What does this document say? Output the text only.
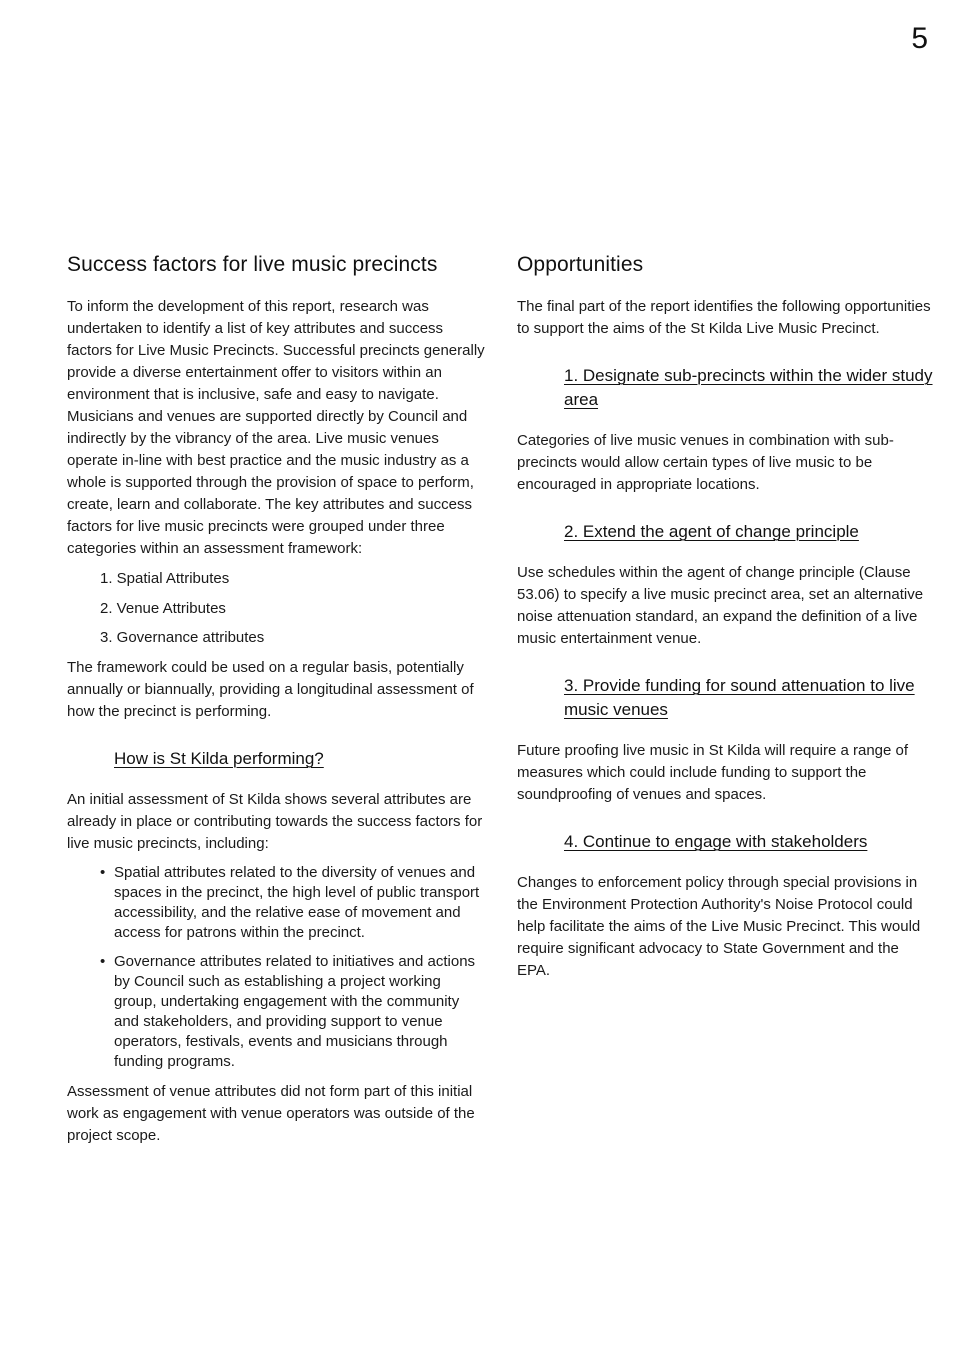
5
Success factors for live music precincts

To inform the development of this report, research was undertaken to identify a list of key attributes and success factors for Live Music Precincts. Successful precincts generally provide a diverse entertainment offer to visitors within an environment that is inclusive, safe and easy to navigate. Musicians and venues are supported directly by Council and indirectly by the vibrancy of the area. Live music venues operate in-line with best practice and the music industry as a whole is supported through the provision of space to perform, create, learn and collaborate. The key attributes and success factors for live music precincts were grouped under three categories within an assessment framework:

1. Spatial Attributes
2. Venue Attributes
3. Governance attributes

The framework could be used on a regular basis, potentially annually or biannually, providing a longitudinal assessment of how the precinct is performing.

How is St Kilda performing?

An initial assessment of St Kilda shows several attributes are already in place or contributing towards the success factors for live music precincts, including:

• Spatial attributes related to the diversity of venues and spaces in the precinct, the high level of public transport accessibility, and the relative ease of movement and access for patrons within the precinct.
• Governance attributes related to initiatives and actions by Council such as establishing a project working group, undertaking engagement with the community and stakeholders, and providing support to venue operators, festivals, events and musicians through funding programs.

Assessment of venue attributes did not form part of this initial work as engagement with venue operators was outside of the project scope.

Opportunities

The final part of the report identifies the following opportunities to support the aims of the St Kilda Live Music Precinct.

1. Designate sub-precincts within the wider study area

Categories of live music venues in combination with sub-precincts would allow certain types of live music to be encouraged in appropriate locations.

2. Extend the agent of change principle

Use schedules within the agent of change principle (Clause 53.06) to specify a live music precinct area, set an alternative noise attenuation standard, an expand the definition of a live music entertainment venue.

3. Provide funding for sound attenuation to live music venues

Future proofing live music in St Kilda will require a range of measures which could include funding to support the soundproofing of venues and spaces.

4. Continue to engage with stakeholders

Changes to enforcement policy through special provisions in the Environment Protection Authority's Noise Protocol could help facilitate the aims of the Live Music Precinct. This would require significant advocacy to State Government and the EPA.
